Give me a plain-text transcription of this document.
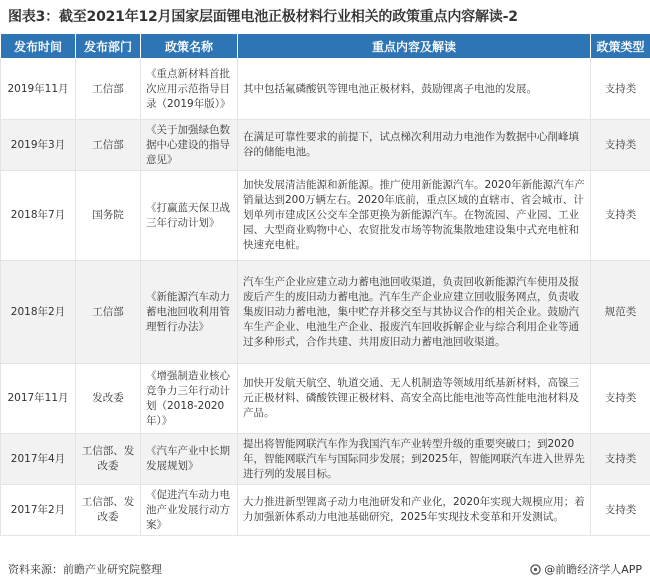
图表3：截至2021年12月国家层面锂电池正极材料行业相关的政策重点内容解读-2
发布时间	发布部门	政策名称	重点内容及解读	政策类型
2019年11月	工信部	《重点新材料首批次应用示范指导目录（2019年版）》	其中包括氟磷酸钒等锂电池正极材料，鼓励锂离子电池的发展。	支持类
2019年3月	工信部	《关于加强绿色数据中心建设的指导意见》	在满足可靠性要求的前提下，试点梯次利用动力电池作为数据中心削峰填谷的储能电池。	支持类
2018年7月	国务院	《打赢蓝天保卫战三年行动计划》	加快发展清洁能源和新能源。推广使用新能源汽车。2020年新能源汽车产销量达到200万辆左右。2020年底前，重点区域的直辖市、省会城市、计划单列市建成区公交车全部更换为新能源汽车。在物流园、产业园、工业园、大型商业购物中心、农贸批发市场等物流集散地建设集中式充电桩和快速充电桩。	支持类
2018年2月	工信部	《新能源汽车动力蓄电池回收利用管理暂行办法》	汽车生产企业应建立动力蓄电池回收渠道，负责回收新能源汽车使用及报废后产生的废旧动力蓄电池。汽车生产企业应建立回收服务网点，负责收集废旧动力蓄电池，集中贮存并移交至与其协议合作的相关企业。鼓励汽车生产企业、电池生产企业、报废汽车回收拆解企业与综合利用企业等通过多种形式，合作共建、共用废旧动力蓄电池回收渠道。	规范类
2017年11月	发改委	《增强制造业核心竞争力三年行动计划（2018-2020年）》	加快开发航天航空、轨道交通、无人机制造等领域用纸基新材料，高镍三元正极材料、磷酸铁锂正极材料、高安全高比能电池等高性能电池材料及产品。	支持类
2017年4月	工信部、发改委	《汽车产业中长期发展规划》	提出将智能网联汽车作为我国汽车产业转型升级的重要突破口；到2020年，智能网联汽车与国际同步发展；到2025年，智能网联汽车进入世界先进行列的发展目标。	支持类
2017年2月	工信部、发改委	《促进汽车动力电池产业发展行动方案》	大力推进新型锂离子动力电池研发和产业化，2020年实现大规模应用；着力加强新体系动力电池基础研究，2025年实现技术变革和开发测试。	支持类
资料来源：前瞻产业研究院整理	@前瞻经济学人APP
